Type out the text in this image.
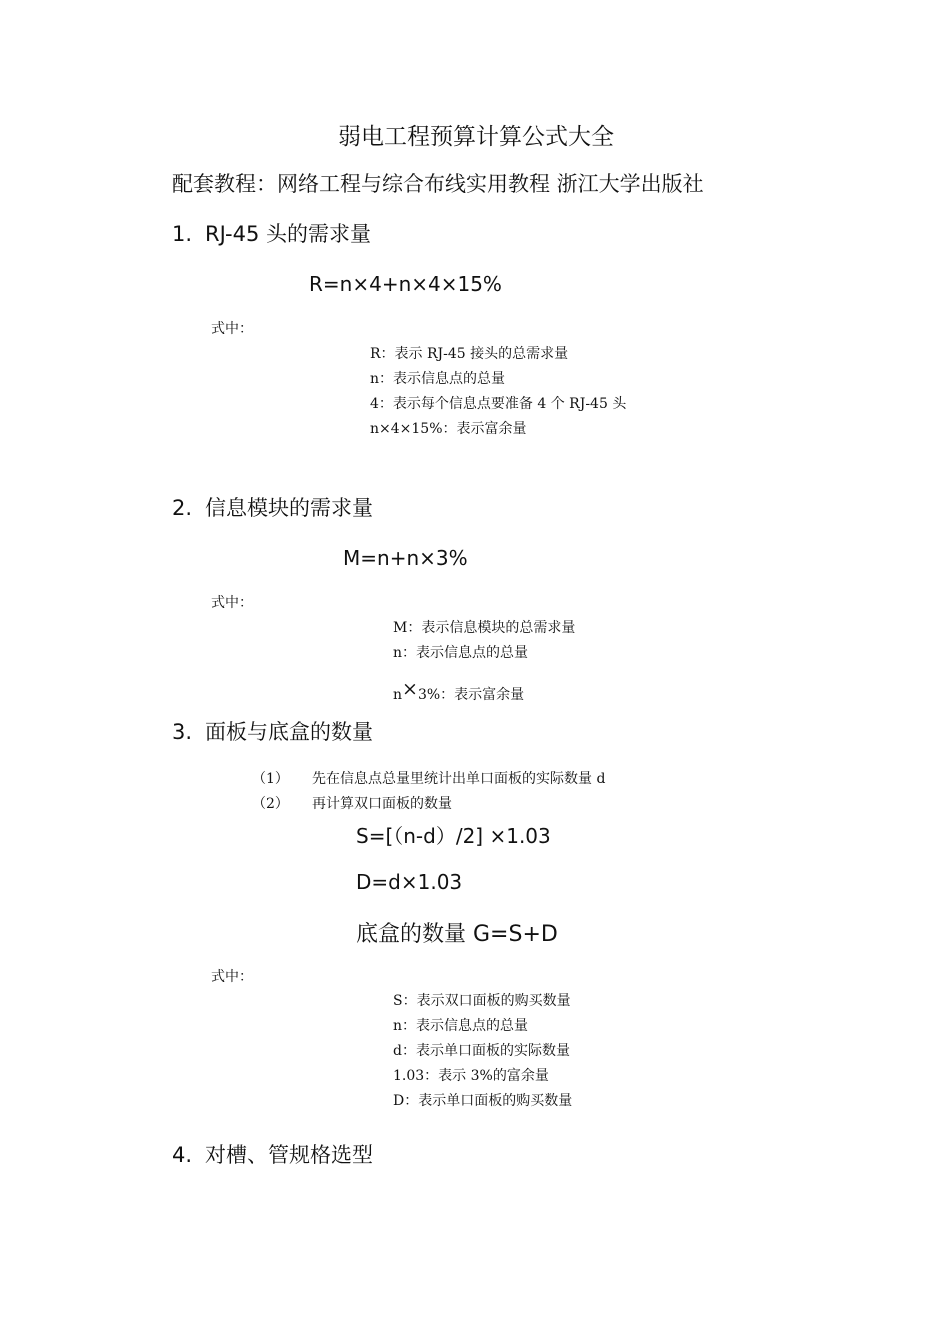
弱电工程预算计算公式大全
配套教程：网络工程与综合布线实用教程 浙江大学出版社
1. RJ-45 头的需求量
R=n×4+n×4×15%
式中：
R：表示 RJ-45 接头的总需求量
n：表示信息点的总量
4：表示每个信息点要准备 4 个 RJ-45 头
n×4×15%：表示富余量
2. 信息模块的需求量
M=n+n×3%
式中：
M：表示信息模块的总需求量
n：表示信息点的总量
n×3%：表示富余量
3. 面板与底盒的数量
（1） 先在信息点总量里统计出单口面板的实际数量 d
（2） 再计算双口面板的数量
S=[（n-d）/2] ×1.03
D=d×1.03
底盒的数量 G=S+D
式中：
S：表示双口面板的购买数量
n：表示信息点的总量
d：表示单口面板的实际数量
1.03：表示 3%的富余量
D：表示单口面板的购买数量
4. 对槽、管规格选型
